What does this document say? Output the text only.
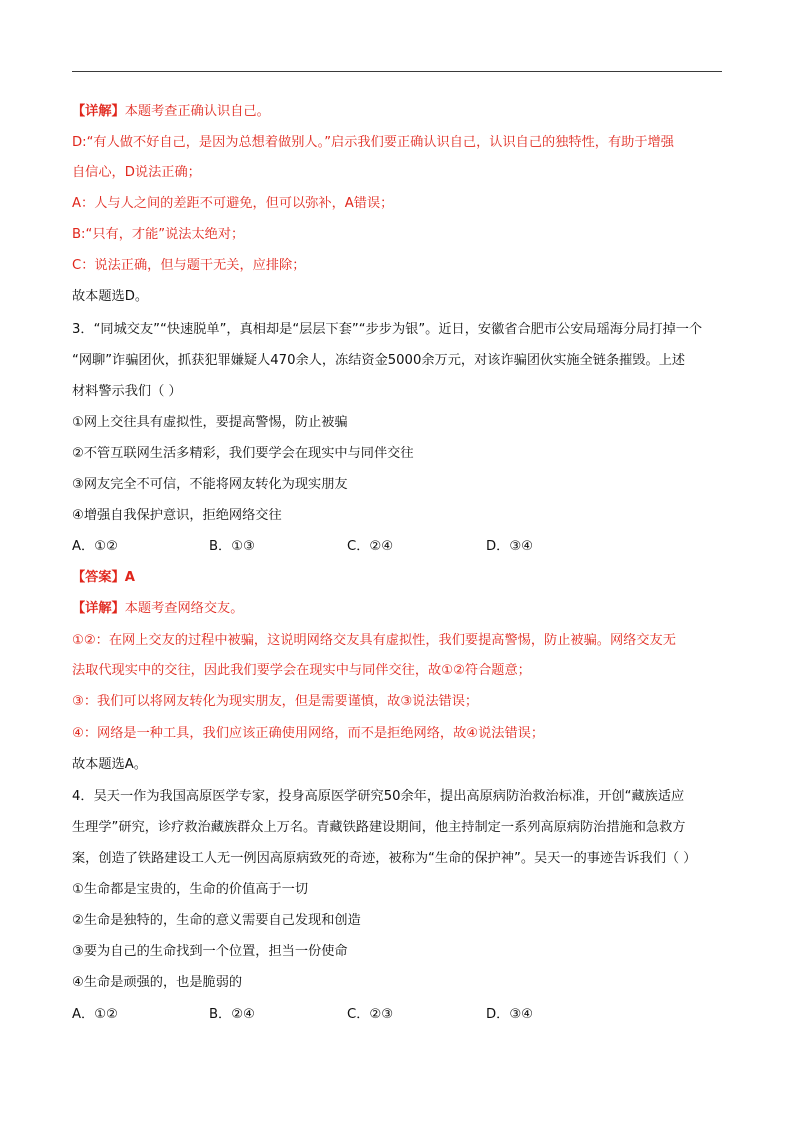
【详解】本题考查正确认识自己。
D:“有人做不好自己，是因为总想着做别人。”启示我们要正确认识自己，认识自己的独特性，有助于增强
自信心，D说法正确；
A：人与人之间的差距不可避免，但可以弥补，A错误；
B:“只有，才能”说法太绝对；
C：说法正确，但与题干无关，应排除；
故本题选D。
3．“同城交友”“快速脱单”，真相却是“层层下套”“步步为银”。近日，安徽省合肥市公安局瑶海分局打掉一个
“网聊”诈骗团伙，抓获犯罪嫌疑人470余人，冻结资金5000余万元，对该诈骗团伙实施全链条摧毁。上述
材料警示我们（ ）
①网上交往具有虚拟性，要提高警惕，防止被骗
②不管互联网生活多精彩，我们要学会在现实中与同伴交往
③网友完全不可信，不能将网友转化为现实朋友
④增强自我保护意识，拒绝网络交往
A．①②	B．①③	C．②④	D．③④
【答案】A
【详解】本题考查网络交友。
①②：在网上交友的过程中被骗，这说明网络交友具有虚拟性，我们要提高警惕，防止被骗。网络交友无
法取代现实中的交往，因此我们要学会在现实中与同伴交往，故①②符合题意；
③：我们可以将网友转化为现实朋友，但是需要谨慎，故③说法错误；
④：网络是一种工具，我们应该正确使用网络，而不是拒绝网络，故④说法错误；
故本题选A。
4．吴天一作为我国高原医学专家，投身高原医学研究50余年，提出高原病防治救治标准，开创“藏族适应
生理学”研究，诊疗救治藏族群众上万名。青藏铁路建设期间，他主持制定一系列高原病防治措施和急救方
案，创造了铁路建设工人无一例因高原病致死的奇迹，被称为“生命的保护神”。吴天一的事迹告诉我们（ ）
①生命都是宝贵的，生命的价值高于一切
②生命是独特的，生命的意义需要自己发现和创造
③要为自己的生命找到一个位置，担当一份使命
④生命是顽强的，也是脆弱的
A．①②	B．②④	C．②③	D．③④
